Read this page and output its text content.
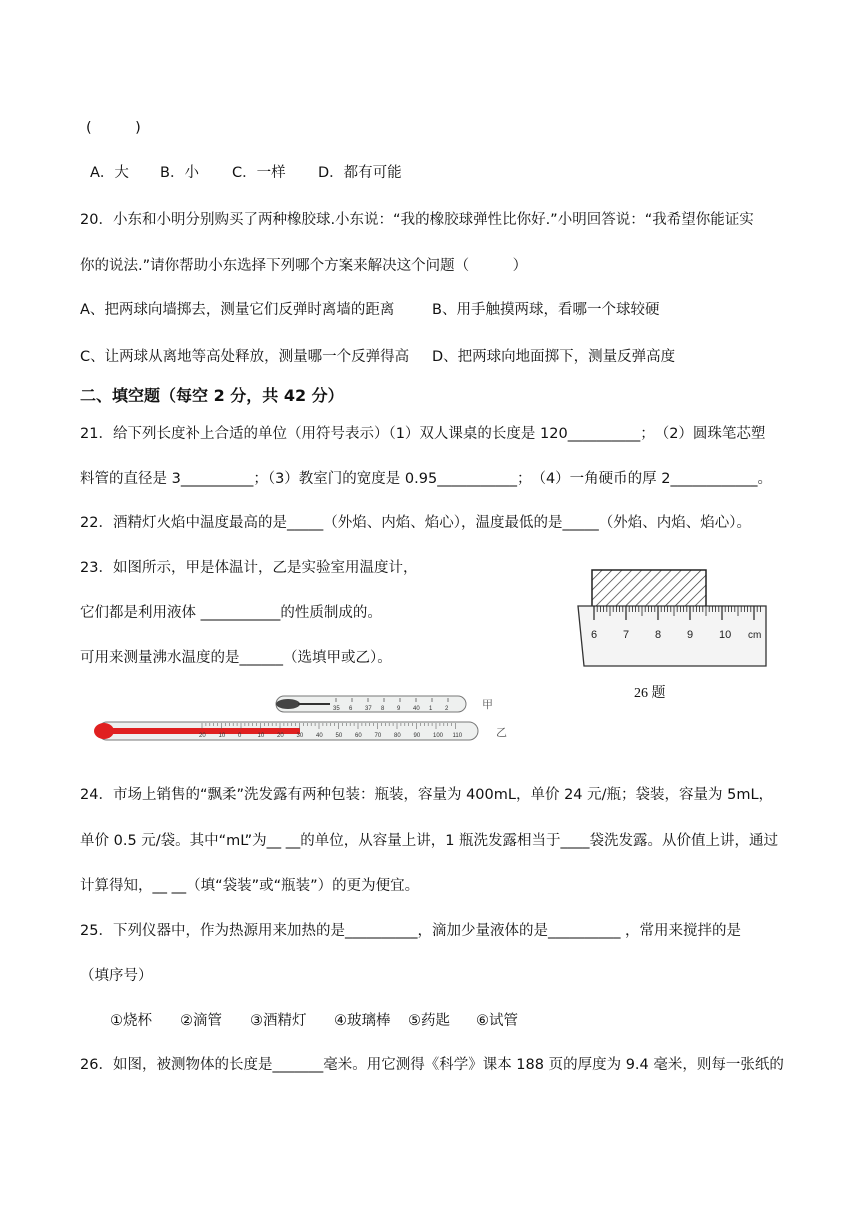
(　　　)
A．大 B．小 C．一样 D．都有可能
20．小东和小明分别购买了两种橡胶球.小东说：“我的橡胶球弹性比你好.”小明回答说：“我希望你能证实
你的说法.”请你帮助小东选择下列哪个方案来解决这个问题（　　　）
A、把两球向墙掷去，测量它们反弹时离墙的距离	B、用手触摸两球，看哪一个球较硬
C、让两球从离地等高处释放，测量哪一个反弹得高 D、把两球向地面掷下，测量反弹高度
二、填空题（每空 2 分，共 42 分）
21．给下列长度补上合适的单位（用符号表示）（1）双人课桌的长度是 120__________；　（2）圆珠笔芯塑
料管的直径是 3__________；（3）教室门的宽度是 0.95___________；　（4）一角硬币的厚 2____________。
22．酒精灯火焰中温度最高的是_____（外焰、内焰、焰心），温度最低的是_____（外焰、内焰、焰心）。
23．如图所示，甲是体温计，乙是实验室用温度计，
它们都是利用液体 ___________的性质制成的。
可用来测量沸水温度的是______（选填甲或乙）。
35 6 37 8 9 40 1 2	甲
20 10 0	10 20 30 40 50 60 70 80 90 100 110	乙
6 7 8 9 10 cm
26 题
24．市场上销售的“飘柔”洗发露有两种包装：瓶装，容量为 400mL，单价 24 元/瓶；袋装，容量为 5mL，
单价 0.5 元/袋。其中“mL”为__ __的单位，从容量上讲，1 瓶洗发露相当于____袋洗发露。从价值上讲，通过
计算得知，__ __（填“袋装”或“瓶装”）的更为便宜。
25．下列仪器中，作为热源用来加热的是__________，滴加少量液体的是__________ ，常用来搅拌的是
（填序号）
①烧杯 ②滴管 ③酒精灯 ④玻璃棒 ⑤药匙 ⑥试管
26．如图，被测物体的长度是_______毫米。用它测得《科学》课本 188 页的厚度为 9.4 毫米，则每一张纸的
